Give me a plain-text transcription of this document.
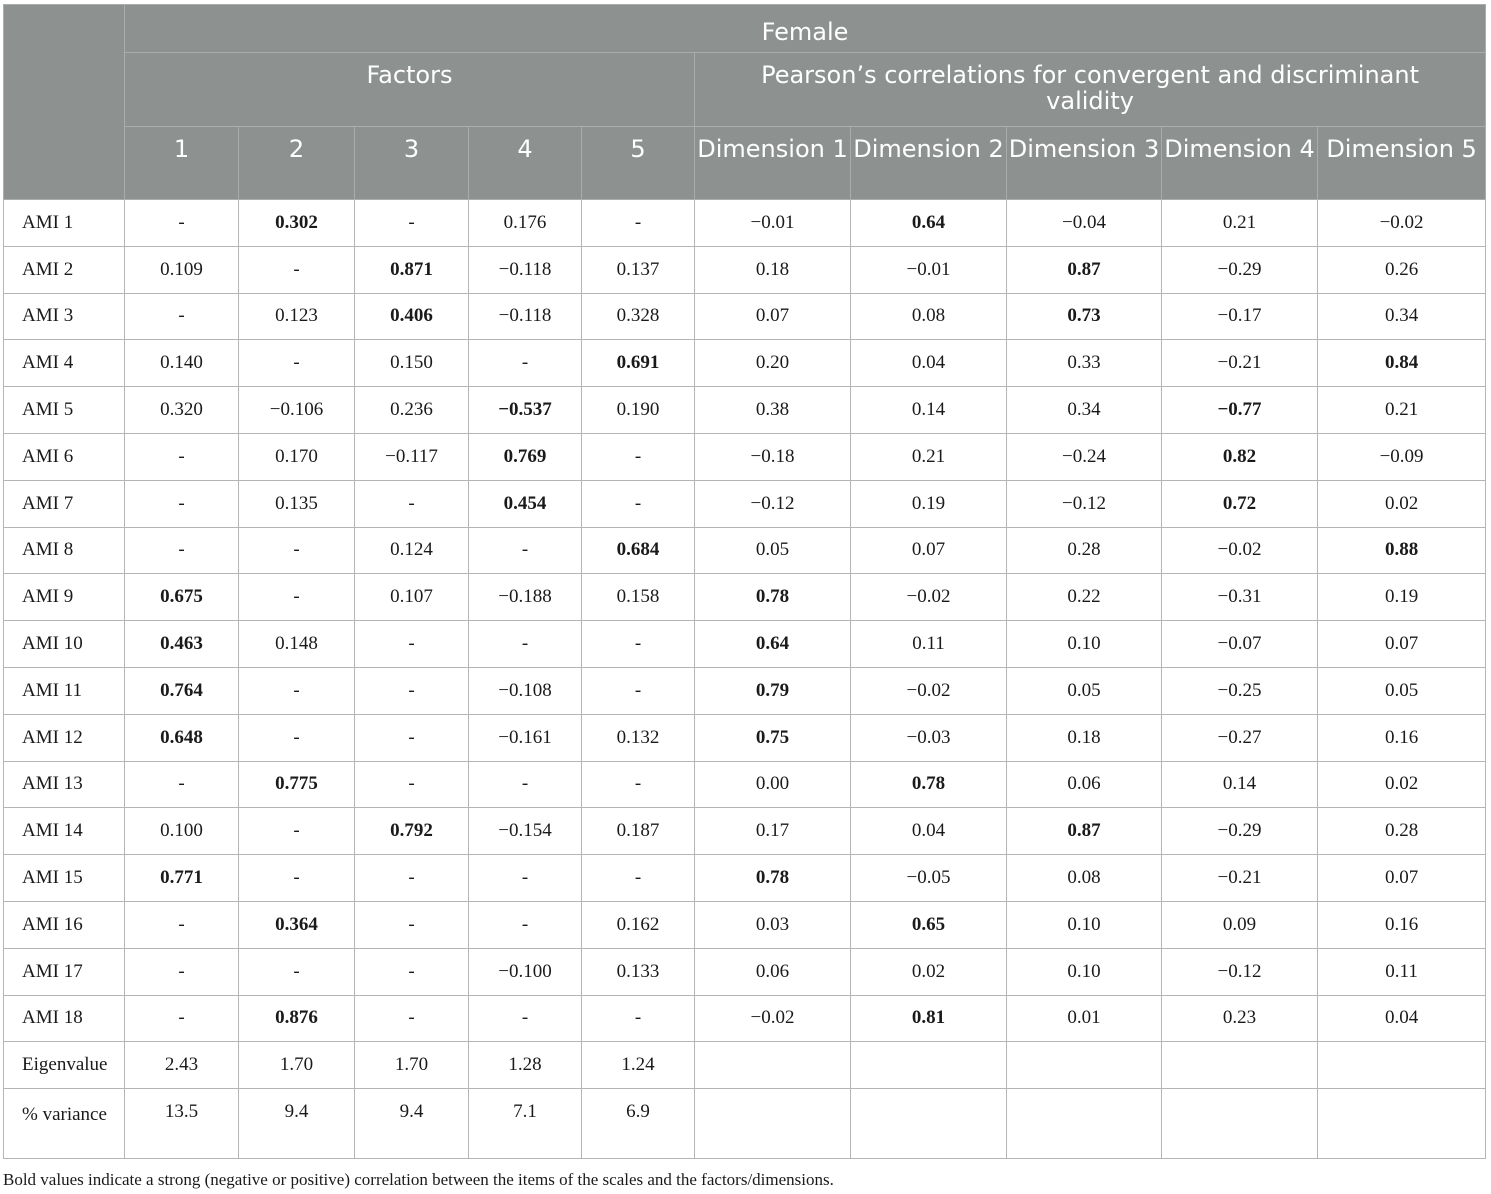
	Female									
	Factors					Pearson’s correlations for convergent and discriminant validity				
	1	2	3	4	5	Dimension 1	Dimension 2	Dimension 3	Dimension 4	Dimension 5
AMI 1	-	0.302	-	0.176	-	−0.01	0.64	−0.04	0.21	−0.02
AMI 2	0.109	-	0.871	−0.118	0.137	0.18	−0.01	0.87	−0.29	0.26
AMI 3	-	0.123	0.406	−0.118	0.328	0.07	0.08	0.73	−0.17	0.34
AMI 4	0.140	-	0.150	-	0.691	0.20	0.04	0.33	−0.21	0.84
AMI 5	0.320	−0.106	0.236	−0.537	0.190	0.38	0.14	0.34	−0.77	0.21
AMI 6	-	0.170	−0.117	0.769	-	−0.18	0.21	−0.24	0.82	−0.09
AMI 7	-	0.135	-	0.454	-	−0.12	0.19	−0.12	0.72	0.02
AMI 8	-	-	0.124	-	0.684	0.05	0.07	0.28	−0.02	0.88
AMI 9	0.675	-	0.107	−0.188	0.158	0.78	−0.02	0.22	−0.31	0.19
AMI 10	0.463	0.148	-	-	-	0.64	0.11	0.10	−0.07	0.07
AMI 11	0.764	-	-	−0.108	-	0.79	−0.02	0.05	−0.25	0.05
AMI 12	0.648	-	-	−0.161	0.132	0.75	−0.03	0.18	−0.27	0.16
AMI 13	-	0.775	-	-	-	0.00	0.78	0.06	0.14	0.02
AMI 14	0.100	-	0.792	−0.154	0.187	0.17	0.04	0.87	−0.29	0.28
AMI 15	0.771	-	-	-	-	0.78	−0.05	0.08	−0.21	0.07
AMI 16	-	0.364	-	-	0.162	0.03	0.65	0.10	0.09	0.16
AMI 17	-	-	-	−0.100	0.133	0.06	0.02	0.10	−0.12	0.11
AMI 18	-	0.876	-	-	-	−0.02	0.81	0.01	0.23	0.04
Eigenvalue	2.43	1.70	1.70	1.28	1.24					
% variance	13.5	9.4	9.4	7.1	6.9					
Bold values indicate a strong (negative or positive) correlation between the items of the scales and the factors/dimensions.
